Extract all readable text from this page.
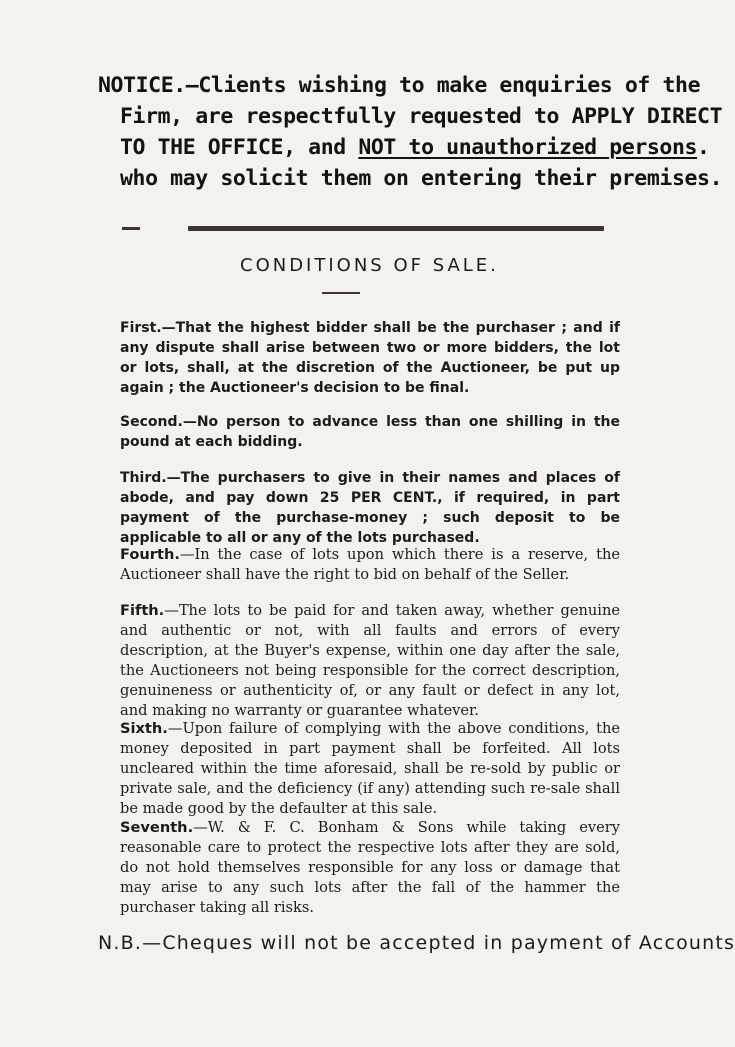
NOTICE.—Clients wishing to make enquiries of the
Firm, are respectfully requested to APPLY DIRECT
TO THE OFFICE, and NOT to unauthorized persons.
who may solicit them on entering their premises.
CONDITIONS OF SALE.
First.—That the highest bidder shall be the purchaser ; and if any dispute shall arise between two or more bidders, the lot or lots, shall, at the discretion of the Auctioneer, be put up again ; the Auctioneer's decision to be final.
Second.—No person to advance less than one shilling in the pound at each bidding.
Third.—The purchasers to give in their names and places of abode, and pay down 25 PER CENT., if required, in part payment of the purchase-money ; such deposit to be applicable to all or any of the lots purchased.
Fourth.—In the case of lots upon which there is a reserve, the Auctioneer shall have the right to bid on behalf of the Seller.
Fifth.—The lots to be paid for and taken away, whether genuine and authentic or not, with all faults and errors of every description, at the Buyer's expense, within one day after the sale, the Auctioneers not being responsible for the correct description, genuineness or authenticity of, or any fault or defect in any lot, and making no warranty or guarantee whatever.
Sixth.—Upon failure of complying with the above conditions, the money deposited in part payment shall be forfeited. All lots uncleared within the time aforesaid, shall be re-sold by public or private sale, and the deficiency (if any) attending such re-sale shall be made good by the defaulter at this sale.
Seventh.—W. & F. C. Bonham & Sons while taking every reasonable care to protect the respective lots after they are sold, do not hold themselves responsible for any loss or damage that may arise to any such lots after the fall of the hammer the purchaser taking all risks.
N.B.—Cheques will not be accepted in payment of Accounts
